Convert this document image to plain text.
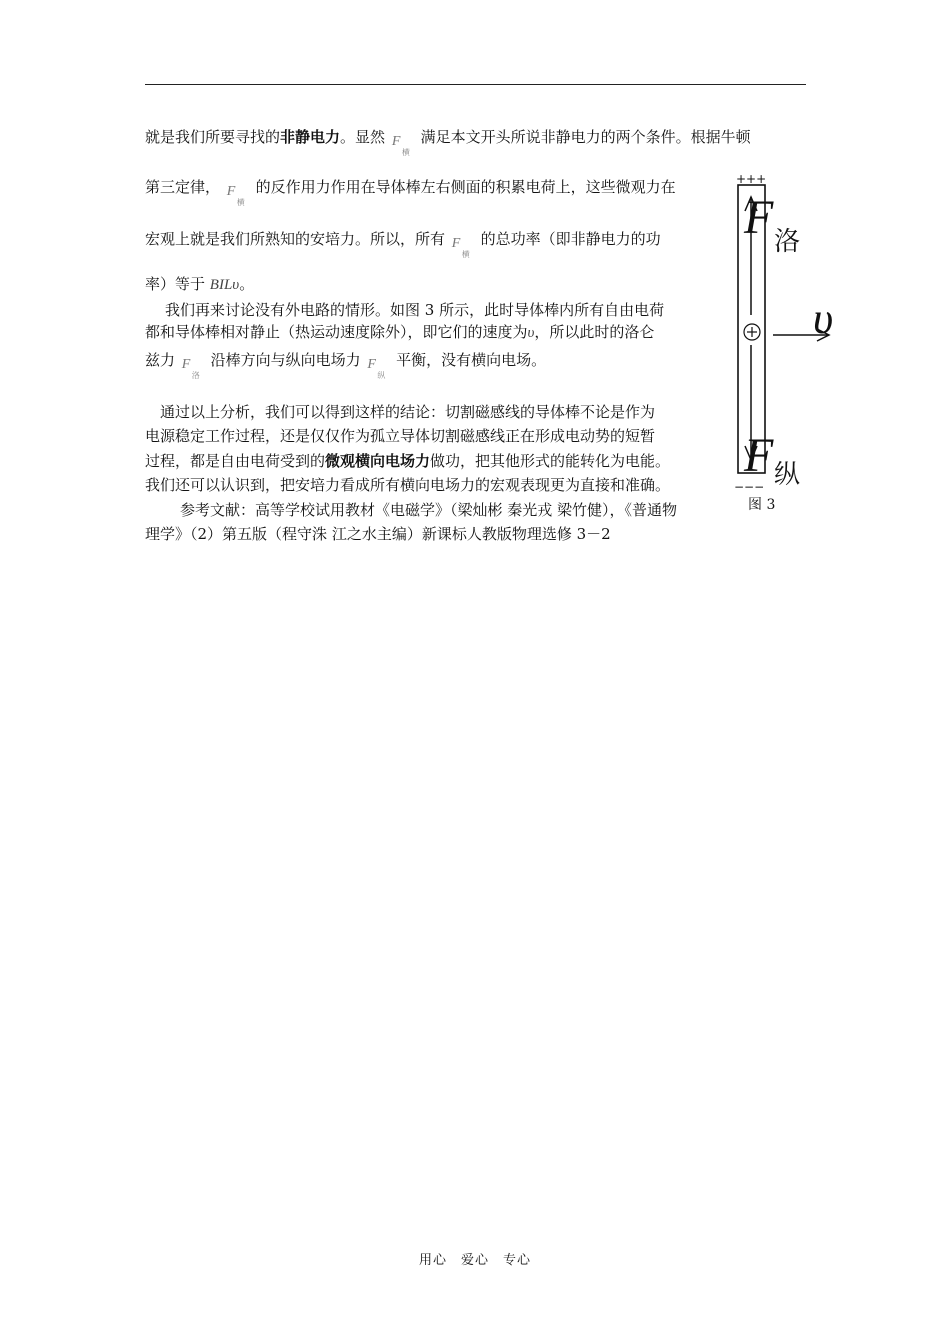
就是我们所要寻找的非静电力。显然 F
横
满足本文开头所说非静电力的两个条件。根据牛顿
第三定律， F
横
的反作用力作用在导体棒左右侧面的积累电荷上，这些微观力在
宏观上就是我们所熟知的安培力。所以，所有 F
横
的总功率（即非静电力的功
率）等于 BILυ。
我们再来讨论没有外电路的情形。如图 3 所示，此时导体棒内所有自由电荷
都和导体棒相对静止（热运动速度除外），即它们的速度为υ，所以此时的洛仑
兹力 F
洛
沿棒方向与纵向电场力 F
纵
平衡，没有横向电场。
通过以上分析，我们可以得到这样的结论：切割磁感线的导体棒不论是作为
电源稳定工作过程，还是仅仅作为孤立导体切割磁感线正在形成电动势的短暂
过程，都是自由电荷受到的微观横向电场力做功，把其他形式的能转化为电能。
我们还可以认识到，把安培力看成所有横向电场力的宏观表现更为直接和准确。
参考文献：高等学校试用教材《电磁学》（梁灿彬 秦光戎 梁竹健），《普通物
理学》（2）第五版（程守洙 江之水主编）新课标人教版物理选修 3－2
+++
υ
F 洛
F 纵
−−−
图 3
用心　爱心　专心
